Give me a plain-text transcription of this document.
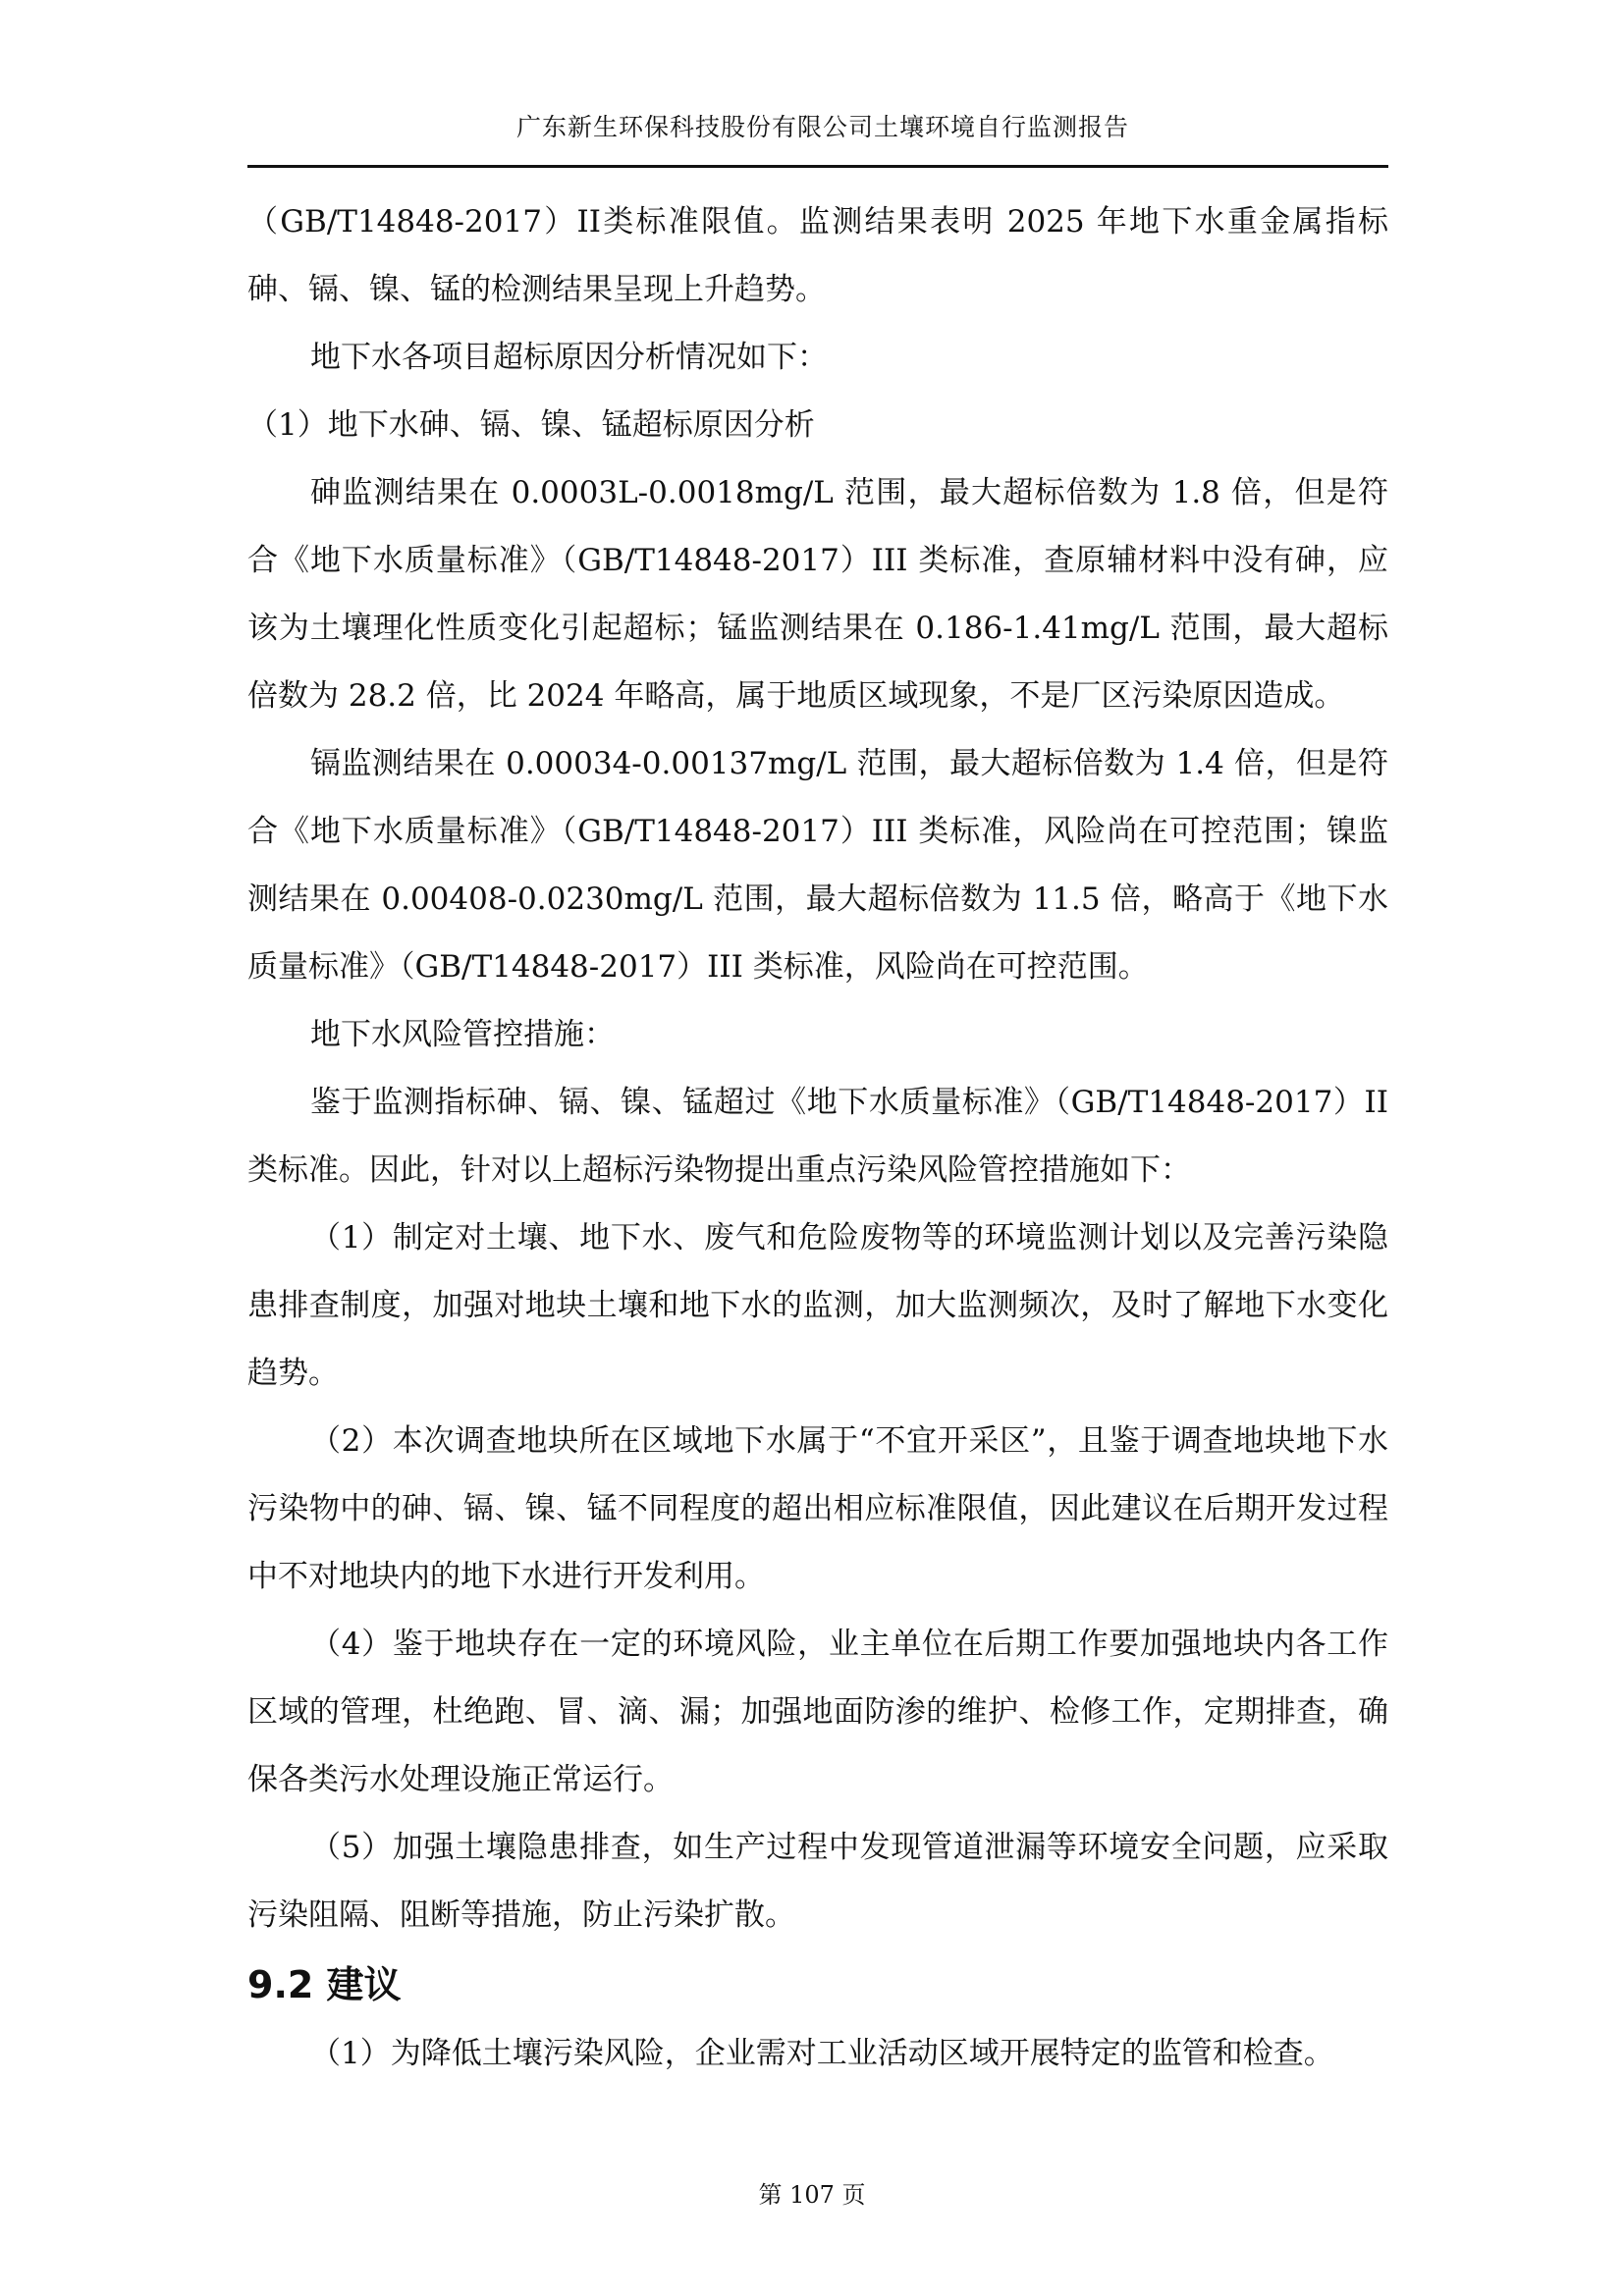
广东新生环保科技股份有限公司土壤环境自行监测报告

（GB/T14848-2017）II类标准限值。监测结果表明 2025 年地下水重金属指标砷、镉、镍、锰的检测结果呈现上升趋势。

地下水各项目超标原因分析情况如下：

（1）地下水砷、镉、镍、锰超标原因分析

砷监测结果在 0.0003L-0.0018mg/L 范围，最大超标倍数为 1.8 倍，但是符合《地下水质量标准》（GB/T14848-2017）III 类标准，查原辅材料中没有砷，应该为土壤理化性质变化引起超标；锰监测结果在 0.186-1.41mg/L 范围，最大超标倍数为 28.2 倍，比 2024 年略高，属于地质区域现象，不是厂区污染原因造成。

镉监测结果在 0.00034-0.00137mg/L 范围，最大超标倍数为 1.4 倍，但是符合《地下水质量标准》（GB/T14848-2017）III 类标准，风险尚在可控范围；镍监测结果在 0.00408-0.0230mg/L 范围，最大超标倍数为 11.5 倍，略高于《地下水质量标准》（GB/T14848-2017）III 类标准，风险尚在可控范围。

地下水风险管控措施：

鉴于监测指标砷、镉、镍、锰超过《地下水质量标准》（GB/T14848-2017）II类标准。因此，针对以上超标污染物提出重点污染风险管控措施如下：

（1）制定对土壤、地下水、废气和危险废物等的环境监测计划以及完善污染隐患排查制度，加强对地块土壤和地下水的监测，加大监测频次，及时了解地下水变化趋势。

（2）本次调查地块所在区域地下水属于“不宜开采区”，且鉴于调查地块地下水污染物中的砷、镉、镍、锰不同程度的超出相应标准限值，因此建议在后期开发过程中不对地块内的地下水进行开发利用。

（4）鉴于地块存在一定的环境风险，业主单位在后期工作要加强地块内各工作区域的管理，杜绝跑、冒、滴、漏；加强地面防渗的维护、检修工作，定期排查，确保各类污水处理设施正常运行。

（5）加强土壤隐患排查，如生产过程中发现管道泄漏等环境安全问题，应采取污染阻隔、阻断等措施，防止污染扩散。

9.2 建议

（1）为降低土壤污染风险，企业需对工业活动区域开展特定的监管和检查。

第 107 页
